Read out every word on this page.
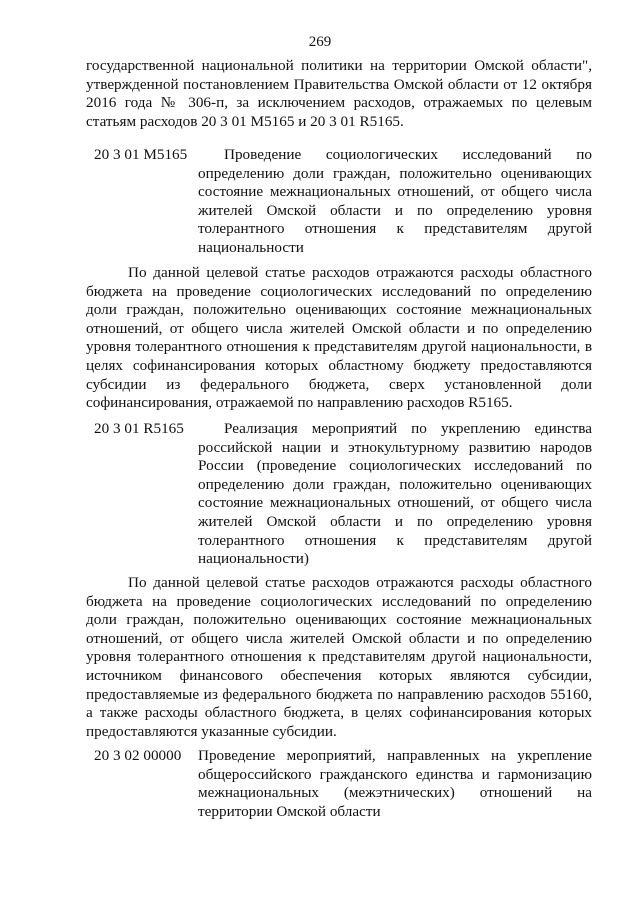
269
государственной национальной политики на территории Омской области",
утвержденной постановлением Правительства Омской области от 12 октября
2016 года № 306-п, за исключением расходов, отражаемых по целевым
статьям расходов 20 3 01 M5165 и 20 3 01 R5165.
20 3 01 M5165	Проведение социологических исследований по
определению доли граждан, положительно оценивающих
состояние межнациональных отношений, от общего числа
жителей Омской области и по определению уровня
толерантного отношения к представителям другой
национальности
По данной целевой статье расходов отражаются расходы областного
бюджета на проведение социологических исследований по определению
доли граждан, положительно оценивающих состояние межнациональных
отношений, от общего числа жителей Омской области и по определению
уровня толерантного отношения к представителям другой национальности, в
целях софинансирования которых областному бюджету предоставляются
субсидии из федерального бюджета, сверх установленной доли
софинансирования, отражаемой по направлению расходов R5165.
20 3 01 R5165	Реализация мероприятий по укреплению единства
российской нации и этнокультурному развитию народов
России (проведение социологических исследований по
определению доли граждан, положительно оценивающих
состояние межнациональных отношений, от общего числа
жителей Омской области и по определению уровня
толерантного отношения к представителям другой
национальности)
По данной целевой статье расходов отражаются расходы областного
бюджета на проведение социологических исследований по определению
доли граждан, положительно оценивающих состояние межнациональных
отношений, от общего числа жителей Омской области и по определению
уровня толерантного отношения к представителям другой национальности,
источником финансового обеспечения которых являются субсидии,
предоставляемые из федерального бюджета по направлению расходов 55160,
а также расходы областного бюджета, в целях софинансирования которых
предоставляются указанные субсидии.
20 3 02 00000 Проведение мероприятий, направленных на укрепление
общероссийского гражданского единства и гармонизацию
межнациональных (межэтнических) отношений на
территории Омской области
